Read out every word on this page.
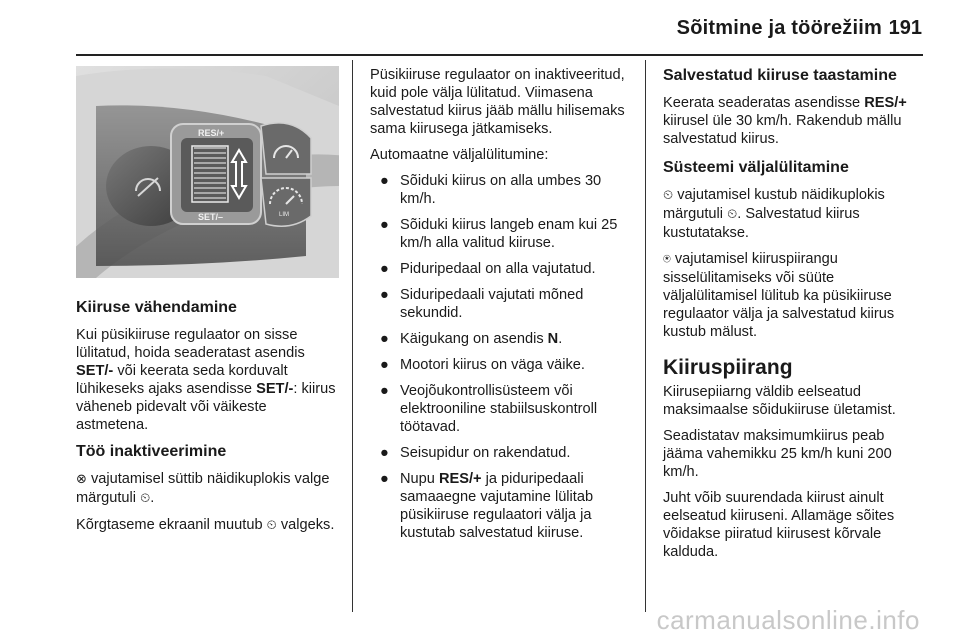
Sõitmine ja töörežiim 191
RES/+
SET/–	LIM
Kiiruse vähendamine

Kui püsikiiruse regulaator on sisse lülitatud, hoida seaderatast asendis SET/- või keerata seda korduvalt lühikeseks ajaks asendisse SET/-: kiirus väheneb pidevalt või väikeste astmetena.

Töö inaktiveerimine

⊗ vajutamisel süttib näidikuplokis valge märgutuli ⏲.

Kõrgtaseme ekraanil muutub ⏲ valgeks.

Püsikiiruse regulaator on inaktiveeritud, kuid pole välja lülitatud. Viimasena salvestatud kiirus jääb mällu hilisemaks sama kiirusega jätkamiseks.

Automaatne väljalülitumine:

● Sõiduki kiirus on alla umbes 30 km/h.
● Sõiduki kiirus langeb enam kui 25 km/h alla valitud kiiruse.
● Piduripedaal on alla vajutatud.
● Siduripedaali vajutati mõned sekundid.
● Käigukang on asendis N.
● Mootori kiirus on väga väike.
● Veojõukontrollisüsteem või elektrooniline stabiilsuskontroll töötavad.
● Seisupidur on rakendatud.
● Nupu RES/+ ja piduripedaali samaaegne vajutamine lülitab püsikiiruse regulaatori välja ja kustutab salvestatud kiiruse.
Salvestatud kiiruse taastamine

Keerata seaderatas asendisse RES/+ kiirusel üle 30 km/h. Rakendub mällu salvestatud kiirus.

Süsteemi väljalülitamine

⏲ vajutamisel kustub näidikuplokis märgutuli ⏲. Salvestatud kiirus kustutatakse.

⍟ vajutamisel kiiruspiirangu sisselülitamiseks või süüte väljalülitamisel lülitub ka püsikiiruse regulaator välja ja salvestatud kiirus kustub mälust.

Kiiruspiirang

Kiirusepiiarng väldib eelseatud maksimaalse sõidukiiruse ületamist.

Seadistatav maksimumkiirus peab jääma vahemikku 25 km/h kuni 200 km/h.

Juht võib suurendada kiirust ainult eelseatud kiiruseni. Allamäge sõites võidakse piiratud kiirusest kõrvale kalduda.

carmanualsonline.info
